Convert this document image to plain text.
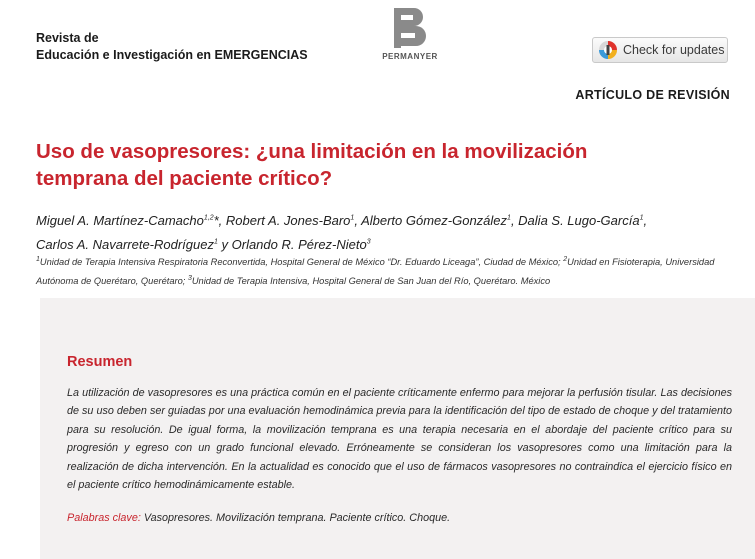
Revista de
Educación e Investigación en EMERGENCIAS	PERMANYER	Check for updates
ARTÍCULO DE REVISIÓN
Uso de vasopresores: ¿una limitación en la movilización
temprana del paciente crítico?
Miguel A. Martínez-Camacho$^{1,2}$*, Robert A. Jones-Baro$^1$, Alberto Gómez-González$^1$, Dalia S. Lugo-García$^1$,
Carlos A. Navarrete-Rodríguez$^1$ y Orlando R. Pérez-Nieto$^3$
$^1$Unidad de Terapia Intensiva Respiratoria Reconvertida, Hospital General de México “Dr. Eduardo Liceaga”, Ciudad de México; $^2$Unidad en Fisioterapia, Universidad Autónoma de Querétaro, Querétaro; $^3$Unidad de Terapia Intensiva, Hospital General de San Juan del Río, Querétaro. México
Resumen

La utilización de vasopresores es una práctica común en el paciente críticamente enfermo para mejorar la perfusión tisular. Las decisiones de su uso deben ser guiadas por una evaluación hemodinámica previa para la identificación del tipo de estado de choque y del tratamiento para su resolución. De igual forma, la movilización temprana es una terapia necesaria en el abordaje del paciente crítico para su progresión y egreso con un grado funcional elevado. Erróneamente se consideran los vasopresores como una limitación para la realización de dicha intervención. En la actualidad es conocido que el uso de fármacos vasopresores no contraindica el ejercicio físico en el paciente crítico hemodinámicamente estable.

Palabras clave: Vasopresores. Movilización temprana. Paciente crítico. Choque.
